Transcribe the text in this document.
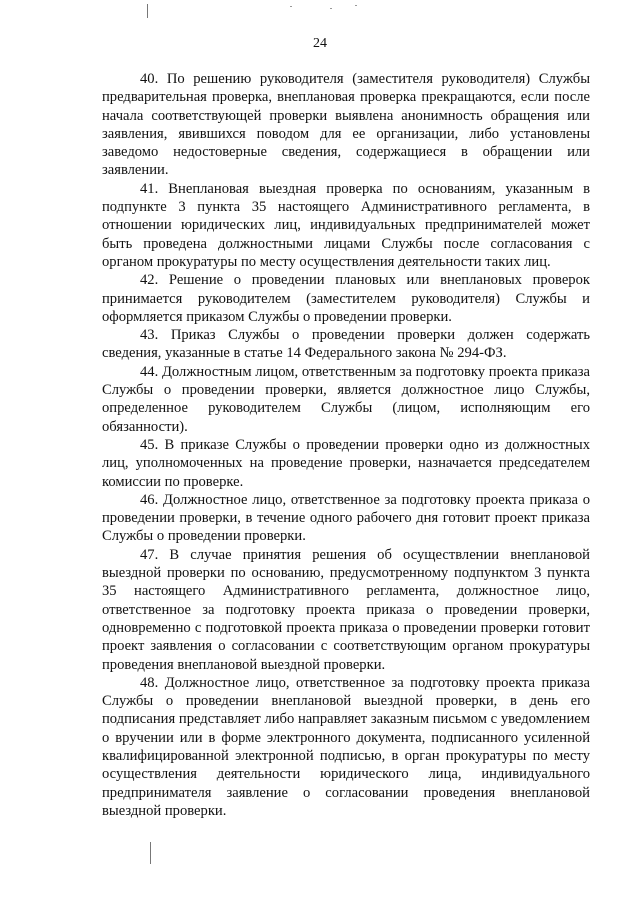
24

40. По решению руководителя (заместителя руководителя) Службы предварительная проверка, внеплановая проверка прекращаются, если после начала соответствующей проверки выявлена анонимность обращения или заявления, явившихся поводом для ее организации, либо установлены заведомо недостоверные сведения, содержащиеся в обращении или заявлении.

41. Внеплановая выездная проверка по основаниям, указанным в подпункте 3 пункта 35 настоящего Административного регламента, в отношении юридических лиц, индивидуальных предпринимателей может быть проведена должностными лицами Службы после согласования с органом прокуратуры по месту осуществления деятельности таких лиц.

42. Решение о проведении плановых или внеплановых проверок принимается руководителем (заместителем руководителя) Службы и оформляется приказом Службы о проведении проверки.

43. Приказ Службы о проведении проверки должен содержать сведения, указанные в статье 14 Федерального закона № 294-ФЗ.

44. Должностным лицом, ответственным за подготовку проекта приказа Службы о проведении проверки, является должностное лицо Службы, определенное руководителем Службы (лицом, исполняющим его обязанности).

45. В приказе Службы о проведении проверки одно из должностных лиц, уполномоченных на проведение проверки, назначается председателем комиссии по проверке.

46. Должностное лицо, ответственное за подготовку проекта приказа о проведении проверки, в течение одного рабочего дня готовит проект приказа Службы о проведении проверки.

47. В случае принятия решения об осуществлении внеплановой выездной проверки по основанию, предусмотренному подпунктом 3 пункта 35 настоящего Административного регламента, должностное лицо, ответственное за подготовку проекта приказа о проведении проверки, одновременно с подготовкой проекта приказа о проведении проверки готовит проект заявления о согласовании с соответствующим органом прокуратуры проведения внеплановой выездной проверки.

48. Должностное лицо, ответственное за подготовку проекта приказа Службы о проведении внеплановой выездной проверки, в день его подписания представляет либо направляет заказным письмом с уведомлением о вручении или в форме электронного документа, подписанного усиленной квалифицированной электронной подписью, в орган прокуратуры по месту осуществления деятельности юридического лица, индивидуального предпринимателя заявление о согласовании проведения внеплановой выездной проверки.
